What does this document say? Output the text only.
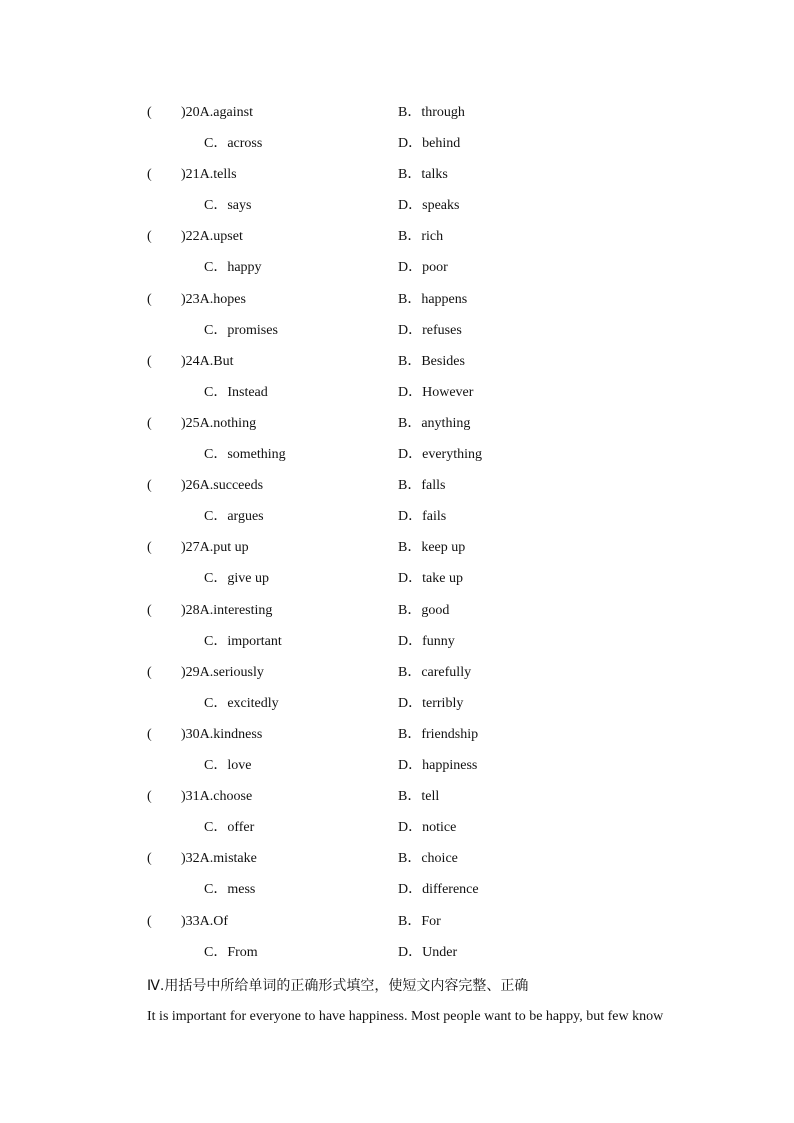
( )20A.against	B．through
C．across	D．behind
( )21A.tells	B．talks
C．says	D．speaks
( )22A.upset	B．rich
C．happy	D．poor
( )23A.hopes	B．happens
C．promises	D．refuses
( )24A.But	B．Besides
C．Instead	D．However
( )25A.nothing	B．anything
C．something	D．everything
( )26A.succeeds	B．falls
C．argues	D．fails
( )27A.put up	B．keep up
C．give up	D．take up
( )28A.interesting	B．good
C．important	D．funny
( )29A.seriously	B．carefully
C．excitedly	D．terribly
( )30A.kindness	B．friendship
C．love	D．happiness
( )31A.choose	B．tell
C．offer	D．notice
( )32A.mistake	B．choice
C．mess	D．difference
( )33A.Of	B．For
C．From	D．Under
Ⅳ.用括号中所给单词的正确形式填空，使短文内容完整、正确
It is important for everyone to have happiness. Most people want to be happy, but few know
